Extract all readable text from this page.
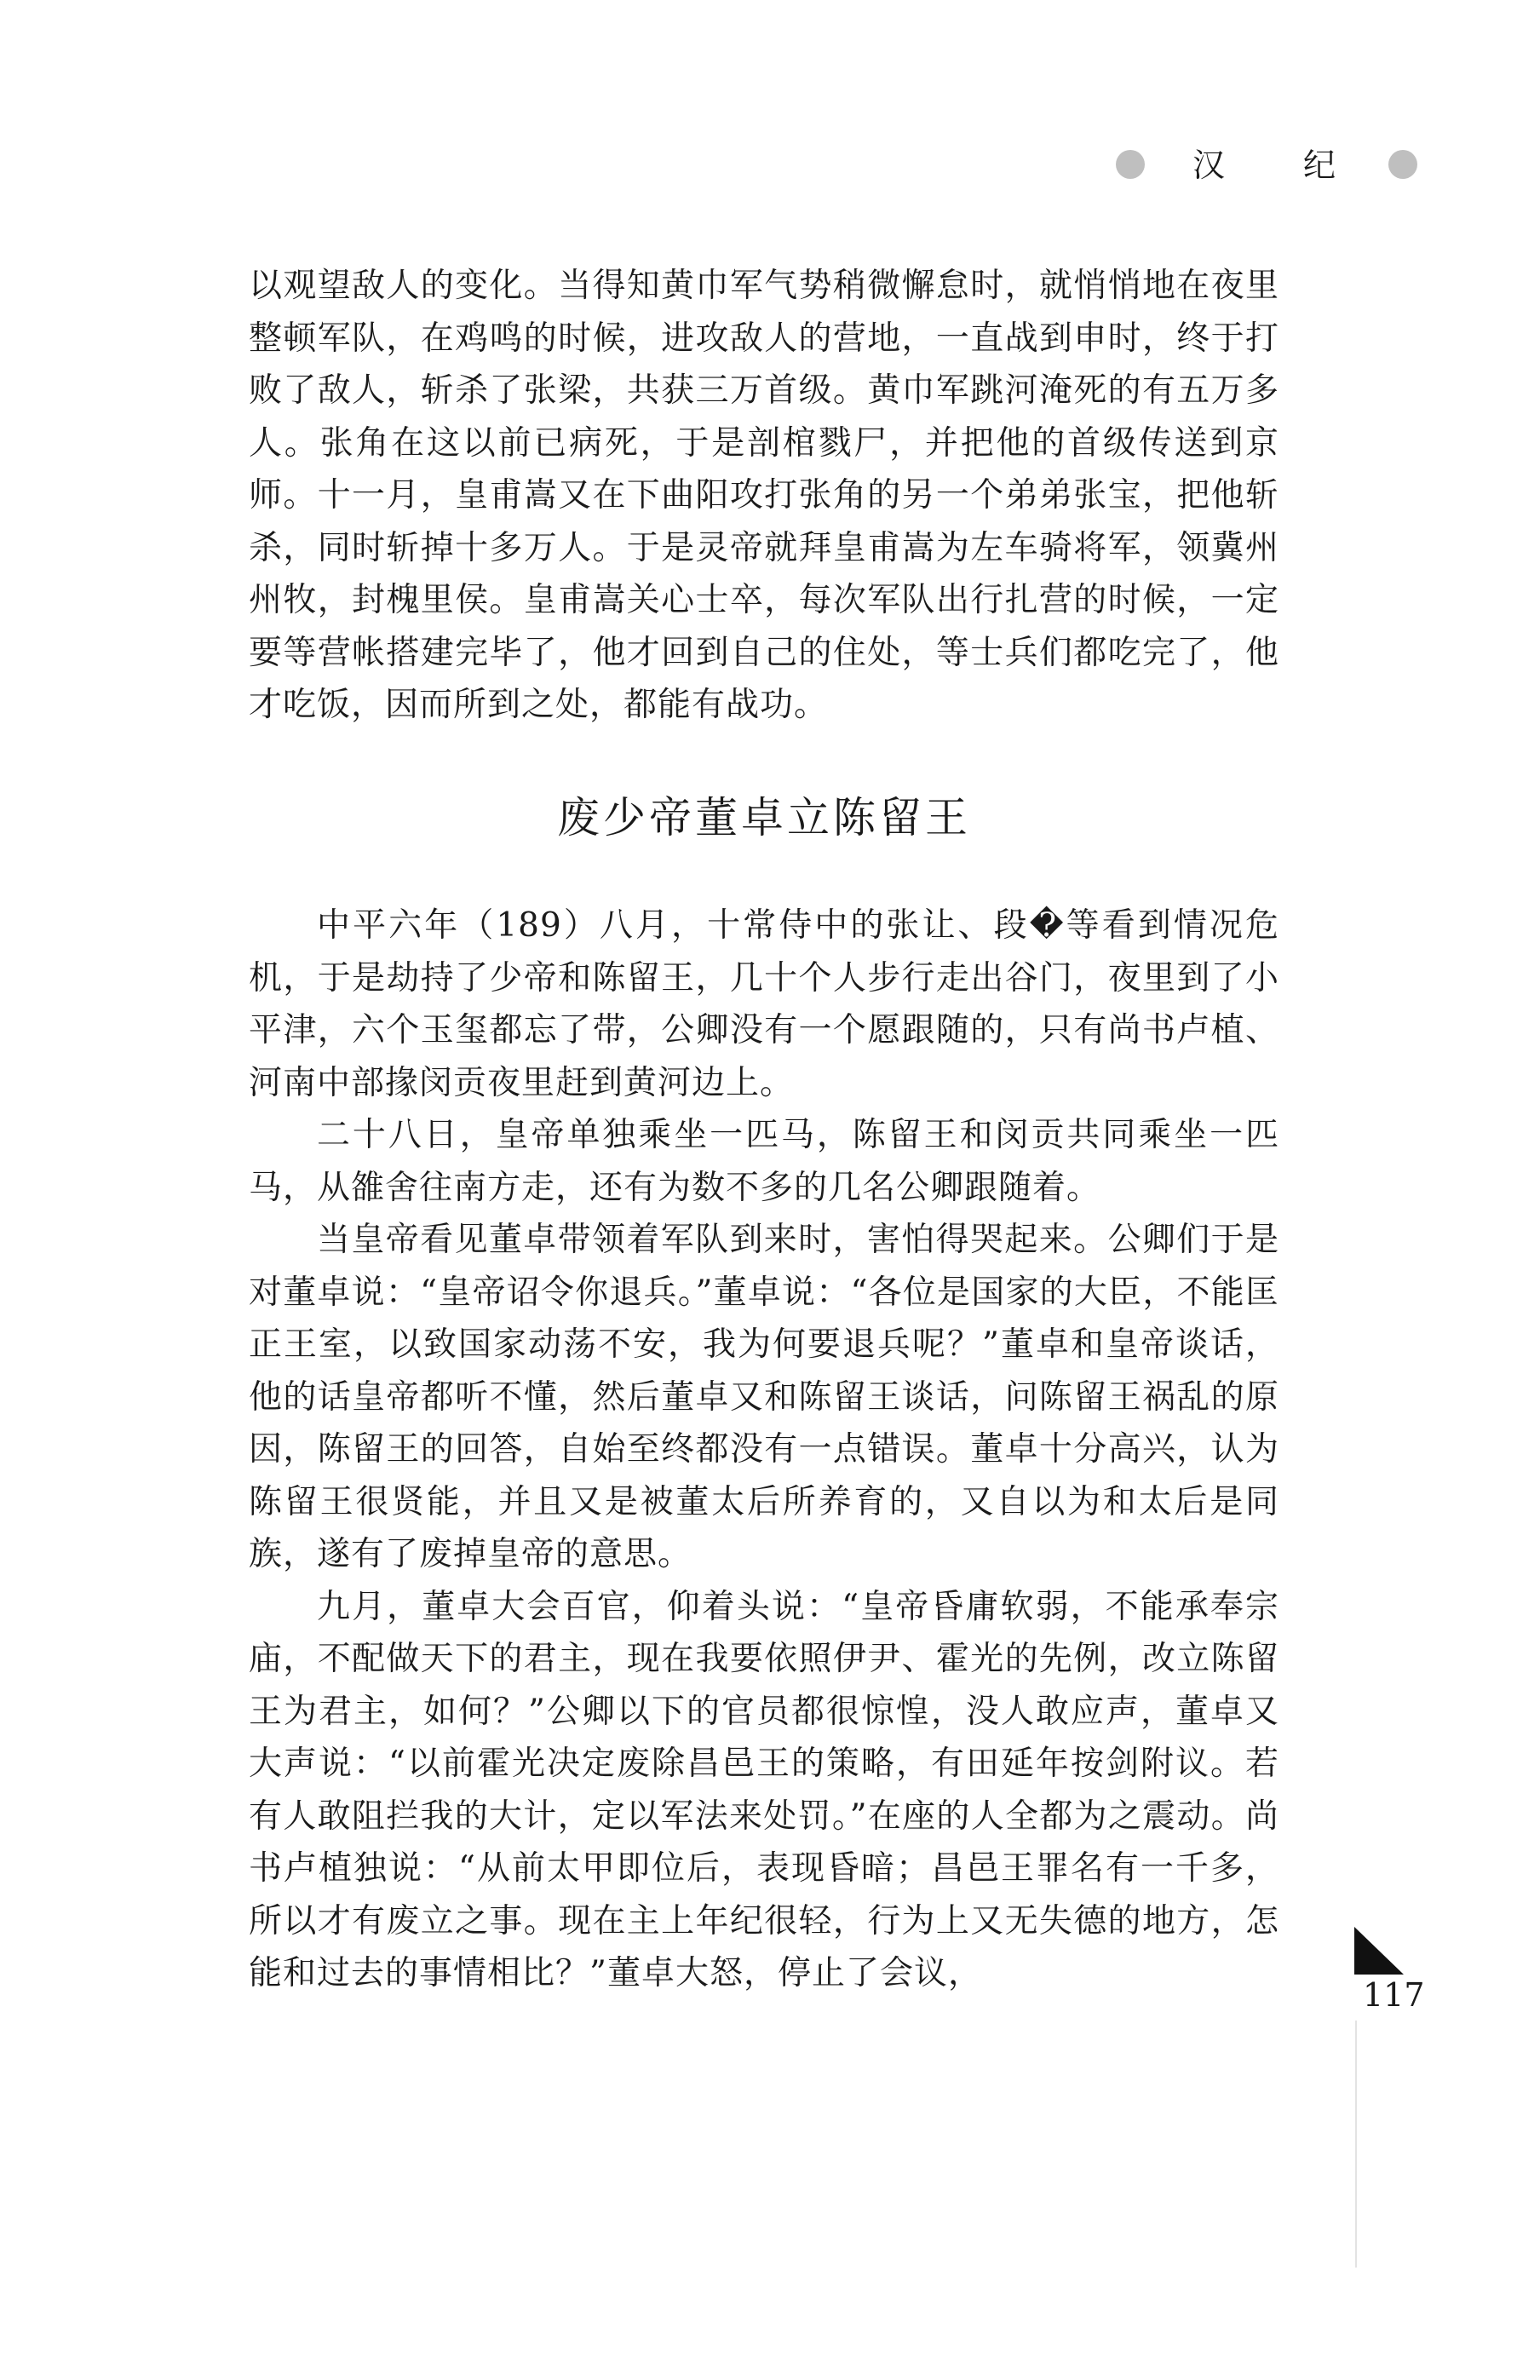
汉 纪

以观望敌人的变化。当得知黄巾军气势稍微懈怠时，就悄悄地在夜里整顿军队，在鸡鸣的时候，进攻敌人的营地，一直战到申时，终于打败了敌人，斩杀了张梁，共获三万首级。黄巾军跳河淹死的有五万多人。张角在这以前已病死，于是剖棺戮尸，并把他的首级传送到京师。十一月，皇甫嵩又在下曲阳攻打张角的另一个弟弟张宝，把他斩杀，同时斩掉十多万人。于是灵帝就拜皇甫嵩为左车骑将军，领冀州州牧，封槐里侯。皇甫嵩关心士卒，每次军队出行扎营的时候，一定要等营帐搭建完毕了，他才回到自己的住处，等士兵们都吃完了，他才吃饭，因而所到之处，都能有战功。

废少帝董卓立陈留王

中平六年（189）八月，十常侍中的张让、段�等看到情况危机，于是劫持了少帝和陈留王，几十个人步行走出谷门，夜里到了小平津，六个玉玺都忘了带，公卿没有一个愿跟随的，只有尚书卢植、河南中部掾闵贡夜里赶到黄河边上。

二十八日，皇帝单独乘坐一匹马，陈留王和闵贡共同乘坐一匹马，从雒舍往南方走，还有为数不多的几名公卿跟随着。

当皇帝看见董卓带领着军队到来时，害怕得哭起来。公卿们于是对董卓说：“皇帝诏令你退兵。”董卓说：“各位是国家的大臣，不能匡正王室，以致国家动荡不安，我为何要退兵呢？”董卓和皇帝谈话，他的话皇帝都听不懂，然后董卓又和陈留王谈话，问陈留王祸乱的原因，陈留王的回答，自始至终都没有一点错误。董卓十分高兴，认为陈留王很贤能，并且又是被董太后所养育的，又自以为和太后是同族，遂有了废掉皇帝的意思。

九月，董卓大会百官，仰着头说：“皇帝昏庸软弱，不能承奉宗庙，不配做天下的君主，现在我要依照伊尹、霍光的先例，改立陈留王为君主，如何？”公卿以下的官员都很惊惶，没人敢应声，董卓又大声说：“以前霍光决定废除昌邑王的策略，有田延年按剑附议。若有人敢阻拦我的大计，定以军法来处罚。”在座的人全都为之震动。尚书卢植独说：“从前太甲即位后，表现昏暗；昌邑王罪名有一千多，所以才有废立之事。现在主上年纪很轻，行为上又无失德的地方，怎能和过去的事情相比？”董卓大怒，停止了会议，

117
